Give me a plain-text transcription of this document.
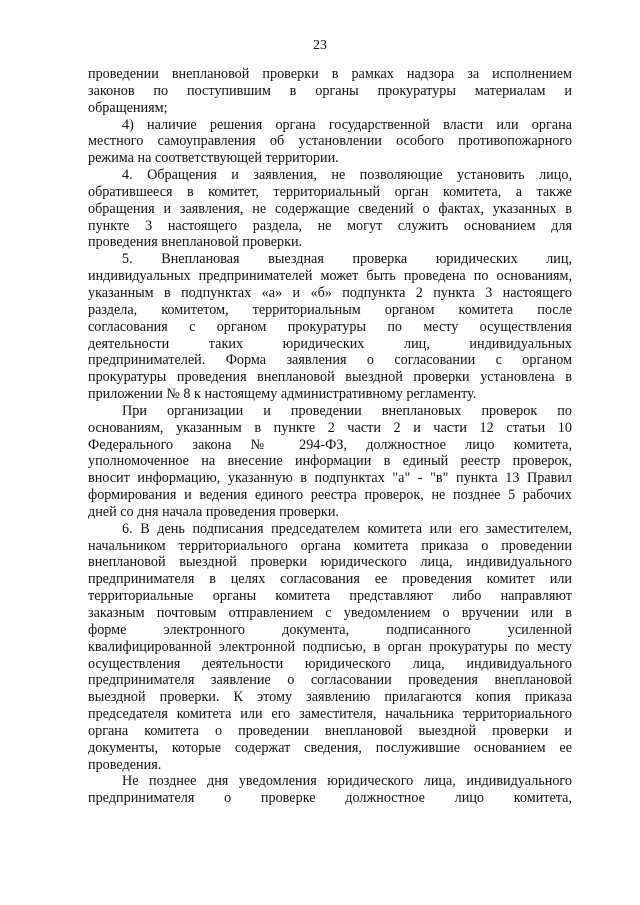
23
проведении внеплановой проверки в рамках надзора за исполнением
законов по поступившим в органы прокуратуры материалам и
обращениям;
4) наличие решения органа государственной власти или органа
местного самоуправления об установлении особого противопожарного
режима на соответствующей территории.
4. Обращения и заявления, не позволяющие установить лицо,
обратившееся в комитет, территориальный орган комитета, а также
обращения и заявления, не содержащие сведений о фактах, указанных в
пункте 3 настоящего раздела, не могут служить основанием для
проведения внеплановой проверки.
5. Внеплановая выездная проверка юридических лиц,
индивидуальных предпринимателей может быть проведена по основаниям,
указанным в подпунктах «а» и «б» подпункта 2 пункта 3 настоящего
раздела, комитетом, территориальным органом комитета после
согласования с органом прокуратуры по месту осуществления
деятельности таких юридических лиц, индивидуальных
предпринимателей. Форма заявления о согласовании с органом
прокуратуры проведения внеплановой выездной проверки установлена в
приложении № 8 к настоящему административному регламенту.
При организации и проведении внеплановых проверок по
основаниям, указанным в пункте 2 части 2 и части 12 статьи 10
Федерального закона № 294-ФЗ, должностное лицо комитета,
уполномоченное на внесение информации в единый реестр проверок,
вносит информацию, указанную в подпунктах "а" - "в" пункта 13 Правил
формирования и ведения единого реестра проверок, не позднее 5 рабочих
дней со дня начала проведения проверки.
6. В день подписания председателем комитета или его заместителем,
начальником территориального органа комитета приказа о проведении
внеплановой выездной проверки юридического лица, индивидуального
предпринимателя в целях согласования ее проведения комитет или
территориальные органы комитета представляют либо направляют
заказным почтовым отправлением с уведомлением о вручении или в
форме электронного документа, подписанного усиленной
квалифицированной электронной подписью, в орган прокуратуры по месту
осуществления деятельности юридического лица, индивидуального
предпринимателя заявление о согласовании проведения внеплановой
выездной проверки. К этому заявлению прилагаются копия приказа
председателя комитета или его заместителя, начальника территориального
органа комитета о проведении внеплановой выездной проверки и
документы, которые содержат сведения, послужившие основанием ее
проведения.
Не позднее дня уведомления юридического лица, индивидуального
предпринимателя о проверке должностное лицо комитета,
